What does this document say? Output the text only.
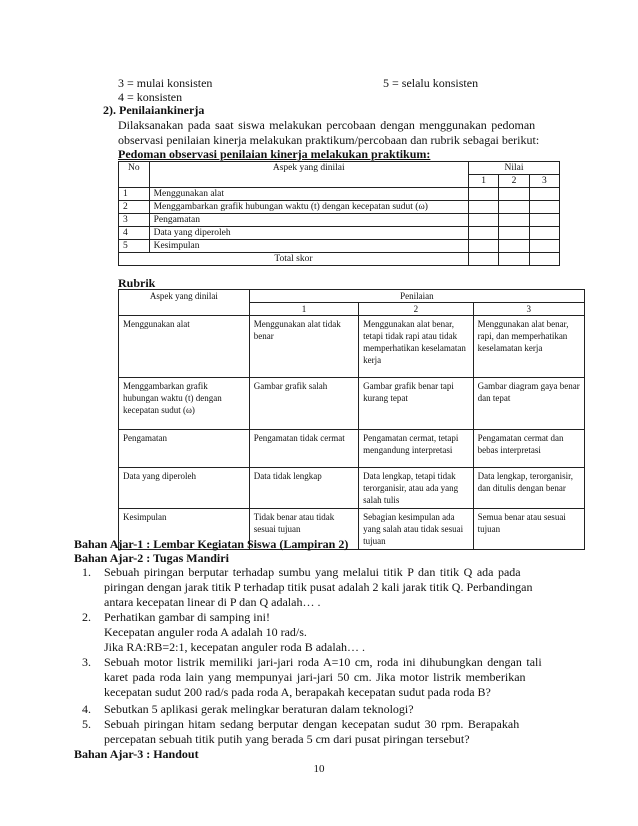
3 = mulai konsisten	5 = selalu konsisten
4 = konsisten
2). Penilaiankinerja
Dilaksanakan pada saat siswa melakukan percobaan dengan menggunakan pedoman
observasi penilaian kinerja melakukan praktikum/percobaan dan rubrik sebagai berikut:
Pedoman observasi penilaian kinerja melakukan praktikum:
No	Aspek yang dinilai	Nilai		
		1	2	3
1	Menggunakan alat			
2	Menggambarkan grafik hubungan waktu (t) dengan kecepatan sudut (ω)			
3	Pengamatan			
4	Data yang diperoleh			
5	Kesimpulan			
Total skor				
Rubrik
Aspek yang dinilai	Penilaian		
	1	2	3
Menggunakan alat	Menggunakan alat tidak benar	Menggunakan alat benar, tetapi tidak rapi atau tidak memperhatikan keselamatan kerja	Menggunakan alat benar, rapi, dan memperhatikan keselamatan kerja
Menggambarkan grafik hubungan waktu (t) dengan kecepatan sudut (ω)	Gambar grafik salah	Gambar grafik benar tapi kurang tepat	Gambar diagram gaya benar dan tepat
Pengamatan	Pengamatan tidak cermat	Pengamatan cermat, tetapi mengandung interpretasi	Pengamatan cermat dan bebas interpretasi
Data yang diperoleh	Data tidak lengkap	Data lengkap, tetapi tidak terorganisir, atau ada yang salah tulis	Data lengkap, terorganisir, dan ditulis dengan benar
Kesimpulan	Tidak benar atau tidak sesuai tujuan	Sebagian kesimpulan ada yang salah atau tidak sesuai tujuan	Semua benar atau sesuai tujuan
Bahan Ajar-1 : Lembar Kegiatan Siswa (Lampiran 2)
Bahan Ajar-2 : Tugas Mandiri
1. Sebuah piringan berputar terhadap sumbu yang melalui titik P dan titik Q ada pada
piringan dengan jarak titik P terhadap titik pusat adalah 2 kali jarak titik Q. Perbandingan
antara kecepatan linear di P dan Q adalah… .
2. Perhatikan gambar di samping ini!
Kecepatan anguler roda A adalah 10 rad/s.
Jika RA:RB=2:1, kecepatan anguler roda B adalah… .
3. Sebuah motor listrik memiliki jari-jari roda A=10 cm, roda ini dihubungkan dengan tali
karet pada roda lain yang mempunyai jari-jari 50 cm. Jika motor listrik memberikan
kecepatan sudut 200 rad/s pada roda A, berapakah kecepatan sudut pada roda B?
4. Sebutkan 5 aplikasi gerak melingkar beraturan dalam teknologi?
5. Sebuah piringan hitam sedang berputar dengan kecepatan sudut 30 rpm. Berapakah
percepatan sebuah titik putih yang berada 5 cm dari pusat piringan tersebut?
Bahan Ajar-3 : Handout
10
